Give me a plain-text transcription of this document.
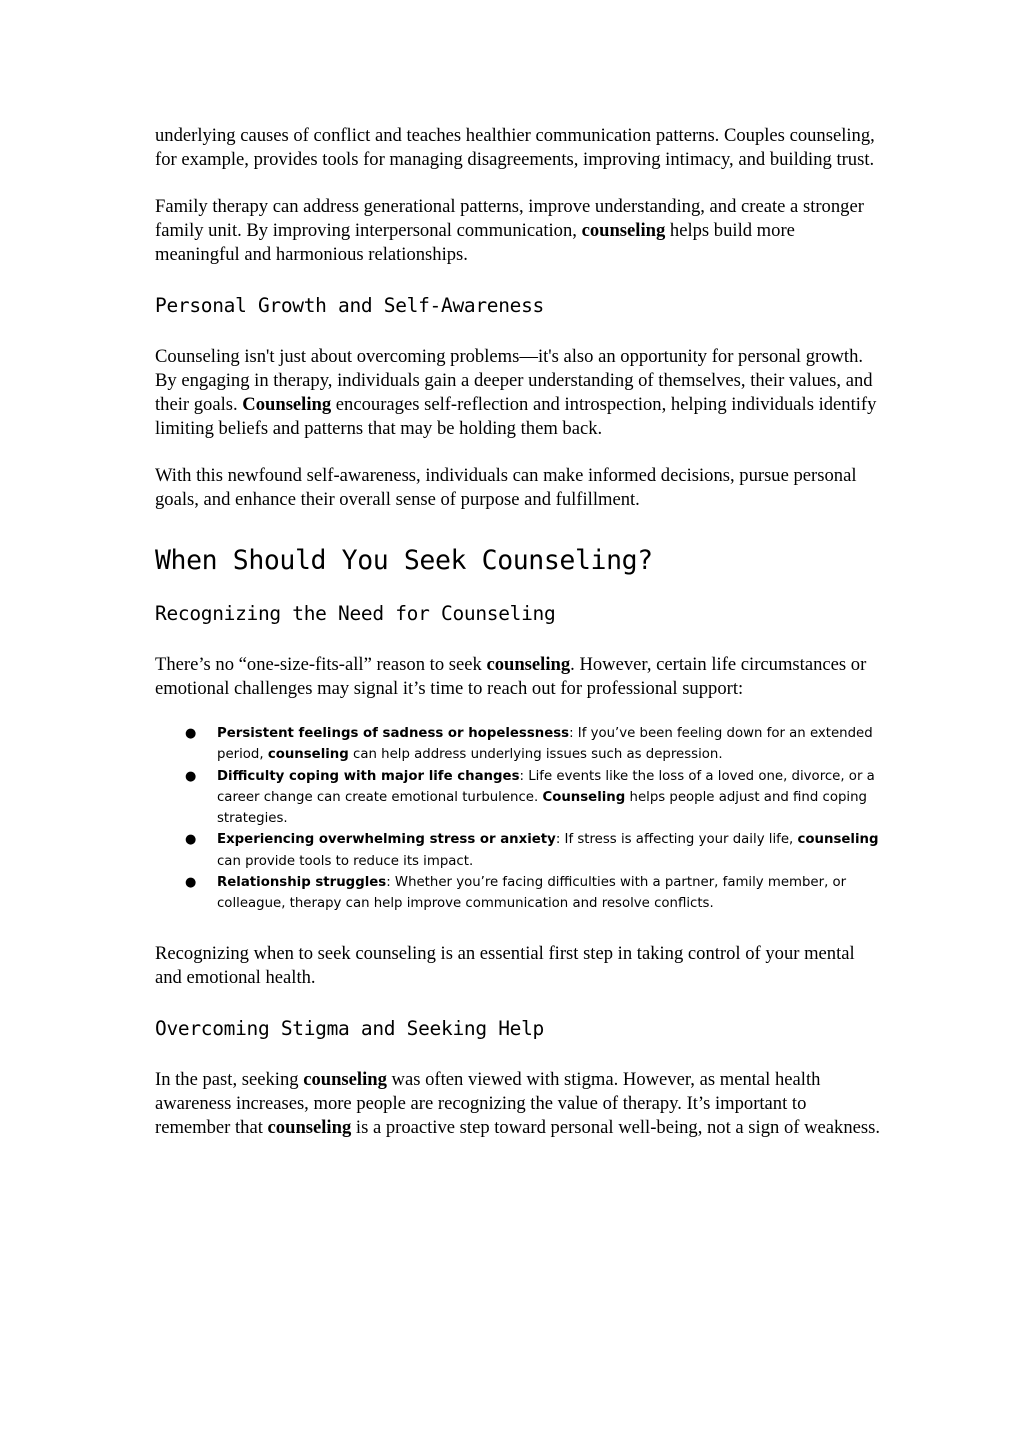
underlying causes of conflict and teaches healthier communication patterns. Couples counseling, for example, provides tools for managing disagreements, improving intimacy, and building trust.

Family therapy can address generational patterns, improve understanding, and create a stronger family unit. By improving interpersonal communication, counseling helps build more meaningful and harmonious relationships.

Personal Growth and Self-Awareness

Counseling isn't just about overcoming problems—it's also an opportunity for personal growth. By engaging in therapy, individuals gain a deeper understanding of themselves, their values, and their goals. Counseling encourages self-reflection and introspection, helping individuals identify limiting beliefs and patterns that may be holding them back.

With this newfound self-awareness, individuals can make informed decisions, pursue personal goals, and enhance their overall sense of purpose and fulfillment.

When Should You Seek Counseling?
Recognizing the Need for Counseling

There’s no “one-size-fits-all” reason to seek counseling. However, certain life circumstances or emotional challenges may signal it’s time to reach out for professional support:

● Persistent feelings of sadness or hopelessness: If you’ve been feeling down for an extended period, counseling can help address underlying issues such as depression.
● Difficulty coping with major life changes: Life events like the loss of a loved one, divorce, or a career change can create emotional turbulence. Counseling helps people adjust and find coping strategies.
● Experiencing overwhelming stress or anxiety: If stress is affecting your daily life, counseling can provide tools to reduce its impact.
● Relationship struggles: Whether you’re facing difficulties with a partner, family member, or colleague, therapy can help improve communication and resolve conflicts.

Recognizing when to seek counseling is an essential first step in taking control of your mental and emotional health.

Overcoming Stigma and Seeking Help

In the past, seeking counseling was often viewed with stigma. However, as mental health awareness increases, more people are recognizing the value of therapy. It’s important to remember that counseling is a proactive step toward personal well-being, not a sign of weakness.
